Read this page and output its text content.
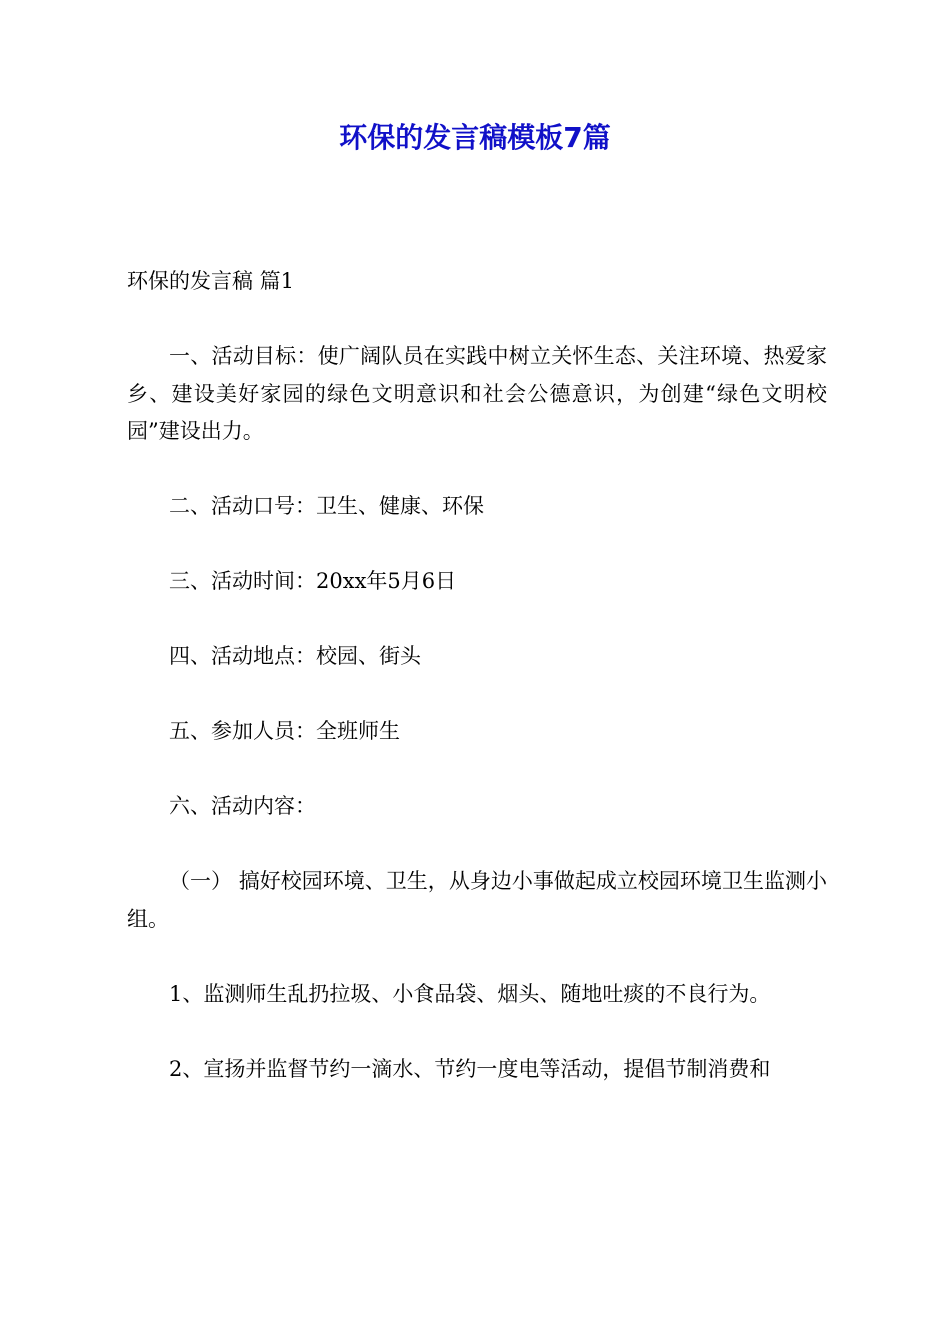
环保的发言稿模板7篇

环保的发言稿 篇1

一、活动目标：使广阔队员在实践中树立关怀生态、关注环境、热爱家乡、建设美好家园的绿色文明意识和社会公德意识，为创建“绿色文明校园”建设出力。

二、活动口号：卫生、健康、环保

三、活动时间：20xx年5月6日

四、活动地点：校园、街头

五、参加人员：全班师生

六、活动内容：

（一） 搞好校园环境、卫生，从身边小事做起成立校园环境卫生监测小组。

1、监测师生乱扔拉圾、小食品袋、烟头、随地吐痰的不良行为。

2、宣扬并监督节约一滴水、节约一度电等活动，提倡节制消费和
